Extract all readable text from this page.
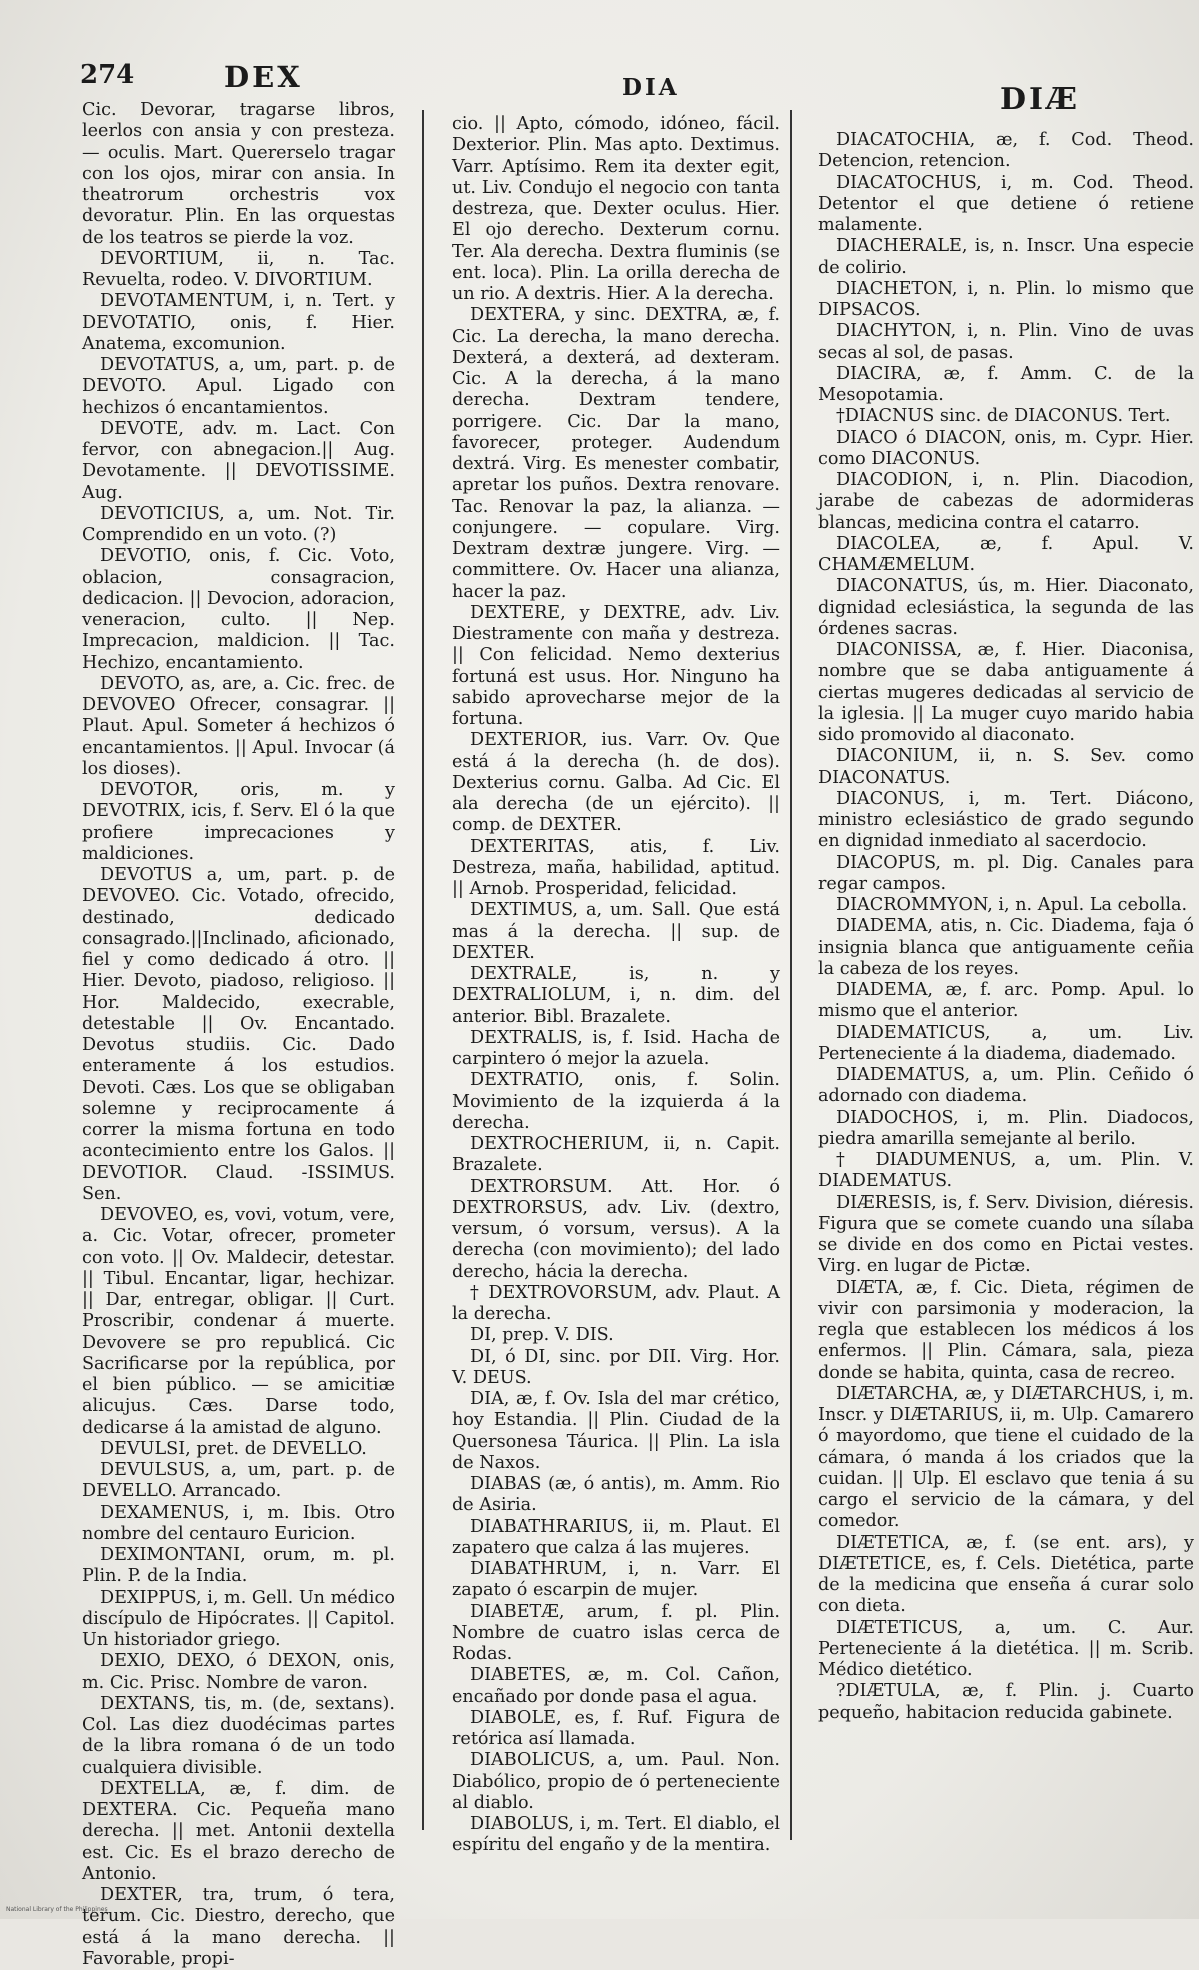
274	DEX	DIA	DIÆ

Cic. Devorar, tragarse libros, leerlos con ansia y con presteza. — oculis. Mart. Quererselo tragar con los ojos, mirar con ansia. In theatrorum orchestris vox devoratur. Plin. En las orquestas de los teatros se pierde la voz.

DEVORTIUM, ii, n. Tac. Revuelta, rodeo. V. DIVORTIUM.

DEVOTAMENTUM, i, n. Tert. y DEVOTATIO, onis, f. Hier. Anatema, excomunion.

DEVOTATUS, a, um, part. p. de DEVOTO. Apul. Ligado con hechizos ó encantamientos.

DEVOTE, adv. m. Lact. Con fervor, con abnegacion.|| Aug. Devotamente. || DEVOTISSIME. Aug.

DEVOTICIUS, a, um. Not. Tir. Comprendido en un voto. (?)

DEVOTIO, onis, f. Cic. Voto, oblacion, consagracion, dedicacion. || Devocion, adoracion, veneracion, culto. || Nep. Imprecacion, maldicion. || Tac. Hechizo, encantamiento.

DEVOTO, as, are, a. Cic. frec. de DEVOVEO Ofrecer, consagrar. || Plaut. Apul. Someter á hechizos ó encantamientos. || Apul. Invocar (á los dioses).

DEVOTOR, oris, m. y DEVOTRIX, icis, f. Serv. El ó la que profiere imprecaciones y maldiciones.

DEVOTUS a, um, part. p. de DEVOVEO. Cic. Votado, ofrecido, destinado, dedicado consagrado.||Inclinado, aficionado, fiel y como dedicado á otro. || Hier. Devoto, piadoso, religioso. || Hor. Maldecido, execrable, detestable || Ov. Encantado. Devotus studiis. Cic. Dado enteramente á los estudios. Devoti. Cæs. Los que se obligaban solemne y reciprocamente á correr la misma fortuna en todo acontecimiento entre los Galos. || DEVOTIOR. Claud. -ISSIMUS. Sen.

DEVOVEO, es, vovi, votum, vere, a. Cic. Votar, ofrecer, prometer con voto. || Ov. Maldecir, detestar. || Tibul. Encantar, ligar, hechizar. || Dar, entregar, obligar. || Curt. Proscribir, condenar á muerte. Devovere se pro republicá. Cic Sacrificarse por la república, por el bien público. — se amicitiæ alicujus. Cæs. Darse todo, dedicarse á la amistad de alguno.

DEVULSI, pret. de DEVELLO.

DEVULSUS, a, um, part. p. de DEVELLO. Arrancado.

DEXAMENUS, i, m. Ibis. Otro nombre del centauro Euricion.

DEXIMONTANI, orum, m. pl. Plin. P. de la India.

DEXIPPUS, i, m. Gell. Un médico discípulo de Hipócrates. || Capitol. Un historiador griego.

DEXIO, DEXO, ó DEXON, onis, m. Cic. Prisc. Nombre de varon.

DEXTANS, tis, m. (de, sextans). Col. Las diez duodécimas partes de la libra romana ó de un todo cualquiera divisible.

DEXTELLA, æ, f. dim. de DEXTERA. Cic. Pequeña mano derecha. || met. Antonii dextella est. Cic. Es el brazo derecho de Antonio.

DEXTER, tra, trum, ó tera, terum. Cic. Diestro, derecho, que está á la mano derecha. || Favorable, propi-

cio. || Apto, cómodo, idóneo, fácil. Dexterior. Plin. Mas apto. Dextimus. Varr. Aptísimo. Rem ita dexter egit, ut. Liv. Condujo el negocio con tanta destreza, que. Dexter oculus. Hier. El ojo derecho. Dexterum cornu. Ter. Ala derecha. Dextra fluminis (se ent. loca). Plin. La orilla derecha de un rio. A dextris. Hier. A la derecha.

DEXTERA, y sinc. DEXTRA, æ, f. Cic. La derecha, la mano derecha. Dexterá, a dexterá, ad dexteram. Cic. A la derecha, á la mano derecha. Dextram tendere, porrigere. Cic. Dar la mano, favorecer, proteger. Audendum dextrá. Virg. Es menester combatir, apretar los puños. Dextra renovare. Tac. Renovar la paz, la alianza. — conjungere. — copulare. Virg. Dextram dextræ jungere. Virg. — committere. Ov. Hacer una alianza, hacer la paz.

DEXTERE, y DEXTRE, adv. Liv. Diestramente con maña y destreza. || Con felicidad. Nemo dexterius fortuná est usus. Hor. Ninguno ha sabido aprovecharse mejor de la fortuna.

DEXTERIOR, ius. Varr. Ov. Que está á la derecha (h. de dos). Dexterius cornu. Galba. Ad Cic. El ala derecha (de un ejército). || comp. de DEXTER.

DEXTERITAS, atis, f. Liv. Destreza, maña, habilidad, aptitud. || Arnob. Prosperidad, felicidad.

DEXTIMUS, a, um. Sall. Que está mas á la derecha. || sup. de DEXTER.

DEXTRALE, is, n. y DEXTRALIOLUM, i, n. dim. del anterior. Bibl. Brazalete.

DEXTRALIS, is, f. Isid. Hacha de carpintero ó mejor la azuela.

DEXTRATIO, onis, f. Solin. Movimiento de la izquierda á la derecha.

DEXTROCHERIUM, ii, n. Capit. Brazalete.

DEXTRORSUM. Att. Hor. ó DEXTRORSUS, adv. Liv. (dextro, versum, ó vorsum, versus). A la derecha (con movimiento); del lado derecho, hácia la derecha.

† DEXTROVORSUM, adv. Plaut. A la derecha.

DI, prep. V. DIS.

DI, ó DI, sinc. por DII. Virg. Hor. V. DEUS.

DIA, æ, f. Ov. Isla del mar crético, hoy Estandia. || Plin. Ciudad de la Quersonesa Táurica. || Plin. La isla de Naxos.

DIABAS (æ, ó antis), m. Amm. Rio de Asiria.

DIABATHRARIUS, ii, m. Plaut. El zapatero que calza á las mujeres.

DIABATHRUM, i, n. Varr. El zapato ó escarpin de mujer.

DIABETÆ, arum, f. pl. Plin. Nombre de cuatro islas cerca de Rodas.

DIABETES, æ, m. Col. Cañon, encañado por donde pasa el agua.

DIABOLE, es, f. Ruf. Figura de retórica así llamada.

DIABOLICUS, a, um. Paul. Non. Diabólico, propio de ó perteneciente al diablo.

DIABOLUS, i, m. Tert. El diablo, el espíritu del engaño y de la mentira.

DIACATOCHIA, æ, f. Cod. Theod. Detencion, retencion.

DIACATOCHUS, i, m. Cod. Theod. Detentor el que detiene ó retiene malamente.

DIACHERALE, is, n. Inscr. Una especie de colirio.

DIACHETON, i, n. Plin. lo mismo que DIPSACOS.

DIACHYTON, i, n. Plin. Vino de uvas secas al sol, de pasas.

DIACIRA, æ, f. Amm. C. de la Mesopotamia.

†DIACNUS sinc. de DIACONUS. Tert.

DIACO ó DIACON, onis, m. Cypr. Hier. como DIACONUS.

DIACODION, i, n. Plin. Diacodion, jarabe de cabezas de adormideras blancas, medicina contra el catarro.

DIACOLEA, æ, f. Apul. V. CHAMÆMELUM.

DIACONATUS, ús, m. Hier. Diaconato, dignidad eclesiástica, la segunda de las órdenes sacras.

DIACONISSA, æ, f. Hier. Diaconisa, nombre que se daba antiguamente á ciertas mugeres dedicadas al servicio de la iglesia. || La muger cuyo marido habia sido promovido al diaconato.

DIACONIUM, ii, n. S. Sev. como DIACONATUS.

DIACONUS, i, m. Tert. Diácono, ministro eclesiástico de grado segundo en dignidad inmediato al sacerdocio.

DIACOPUS, m. pl. Dig. Canales para regar campos.

DIACROMMYON, i, n. Apul. La cebolla.

DIADEMA, atis, n. Cic. Diadema, faja ó insignia blanca que antiguamente ceñia la cabeza de los reyes.

DIADEMA, æ, f. arc. Pomp. Apul. lo mismo que el anterior.

DIADEMATICUS, a, um. Liv. Perteneciente á la diadema, diademado.

DIADEMATUS, a, um. Plin. Ceñido ó adornado con diadema.

DIADOCHOS, i, m. Plin. Diadocos, piedra amarilla semejante al berilo.

† DIADUMENUS, a, um. Plin. V. DIADEMATUS.

DIÆRESIS, is, f. Serv. Division, diéresis. Figura que se comete cuando una sílaba se divide en dos como en Pictai vestes. Virg. en lugar de Pictæ.

DIÆTA, æ, f. Cic. Dieta, régimen de vivir con parsimonia y moderacion, la regla que establecen los médicos á los enfermos. || Plin. Cámara, sala, pieza donde se habita, quinta, casa de recreo.

DIÆTARCHA, æ, y DIÆTARCHUS, i, m. Inscr. y DIÆTARIUS, ii, m. Ulp. Camarero ó mayordomo, que tiene el cuidado de la cámara, ó manda á los criados que la cuidan. || Ulp. El esclavo que tenia á su cargo el servicio de la cámara, y del comedor.

DIÆTETICA, æ, f. (se ent. ars), y DIÆTETICE, es, f. Cels. Dietética, parte de la medicina que enseña á curar solo con dieta.

DIÆTETICUS, a, um. C. Aur. Perteneciente á la dietética. || m. Scrib. Médico dietético.

?DIÆTULA, æ, f. Plin. j. Cuarto pequeño, habitacion reducida gabinete.

National Library of the Philippines
